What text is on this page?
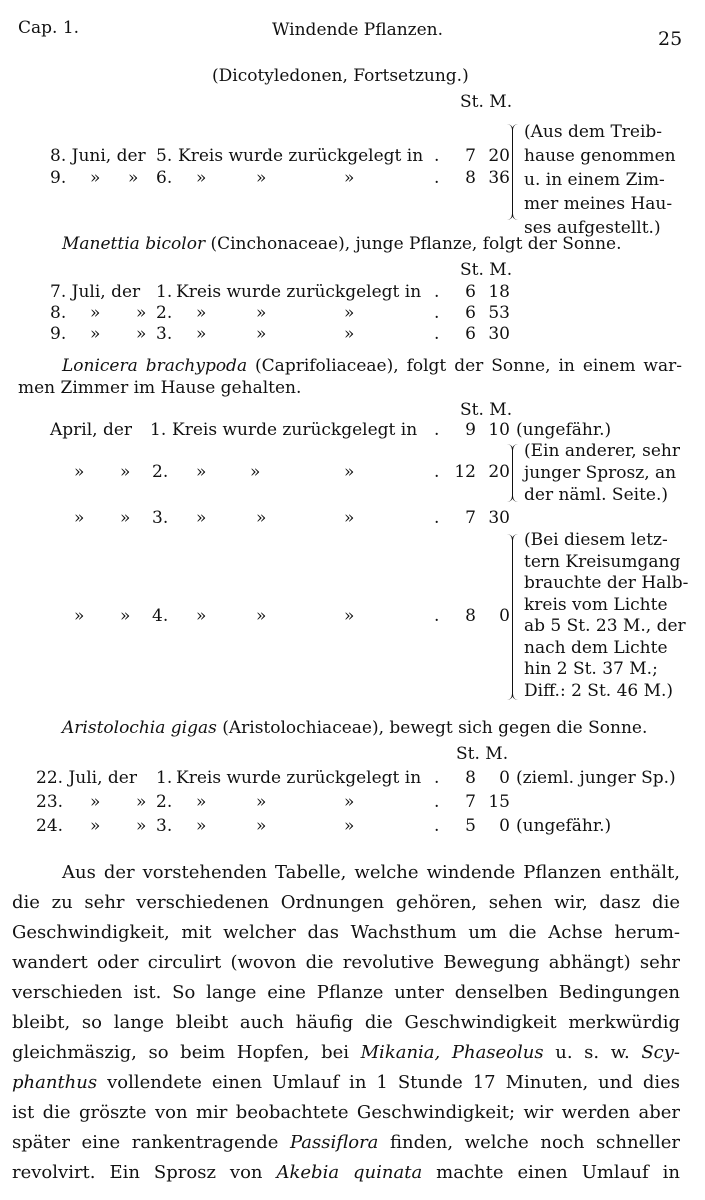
Cap. 1.	Windende Pflanzen.	25
(Dicotyledonen, Fortsetzung.)
St. M.
8. Juni, der 5. Kreis wurde zurückgelegt in .	7 20
9. » » 6. »	»	»	.	8 36
(Aus dem Treib-
hause genommen
u. in einem Zim-
mer meines Hau-
ses aufgestellt.)
Manettia bicolor (Cinchonaceae), junge Pflanze, folgt der Sonne.
St. M.
7. Juli, der 1. Kreis wurde zurückgelegt in .	6 18
8. » » 2. »	»	»	.	6 53
9. » » 3. »	»	»	.	6 30
Lonicera brachypoda (Caprifoliaceae), folgt der Sonne, in einem war-
men Zimmer im Hause gehalten.
St. M.
April, der 1. Kreis wurde zurückgelegt in .	9 10 (ungefähr.)
» » 2. »	»	»	. 12 20
(Ein anderer, sehr
junger Sprosz, an
der näml. Seite.)
» » 3. »	»	»	.	7 30
» » 4. »	»	»	.	8	0
(Bei diesem letz-
tern Kreisumgang
brauchte der Halb-
kreis vom Lichte
ab 5 St. 23 M., der
nach dem Lichte
hin 2 St. 37 M.;
Diff.: 2 St. 46 M.)
Aristolochia gigas (Aristolochiaceae), bewegt sich gegen die Sonne.
St. M.
22. Juli, der 1. Kreis wurde zurückgelegt in .	8	0 (zieml. junger Sp.)
23. » » 2. »	»	»	.	7 15
24. » » 3. »	»	»	.	5	0 (ungefähr.)
Aus der vorstehenden Tabelle, welche windende Pflanzen enthält,
die zu sehr verschiedenen Ordnungen gehören, sehen wir, dasz die
Geschwindigkeit, mit welcher das Wachsthum um die Achse herum-
wandert oder circulirt (wovon die revolutive Bewegung abhängt) sehr
verschieden ist. So lange eine Pflanze unter denselben Bedingungen
bleibt, so lange bleibt auch häufig die Geschwindigkeit merkwürdig
gleichmäszig, so beim Hopfen, bei Mikania, Phaseolus u. s. w. Scy-
phanthus vollendete einen Umlauf in 1 Stunde 17 Minuten, und dies
ist die gröszte von mir beobachtete Geschwindigkeit; wir werden aber
später eine rankentragende Passiflora finden, welche noch schneller
revolvirt. Ein Sprosz von Akebia quinata machte einen Umlauf in
